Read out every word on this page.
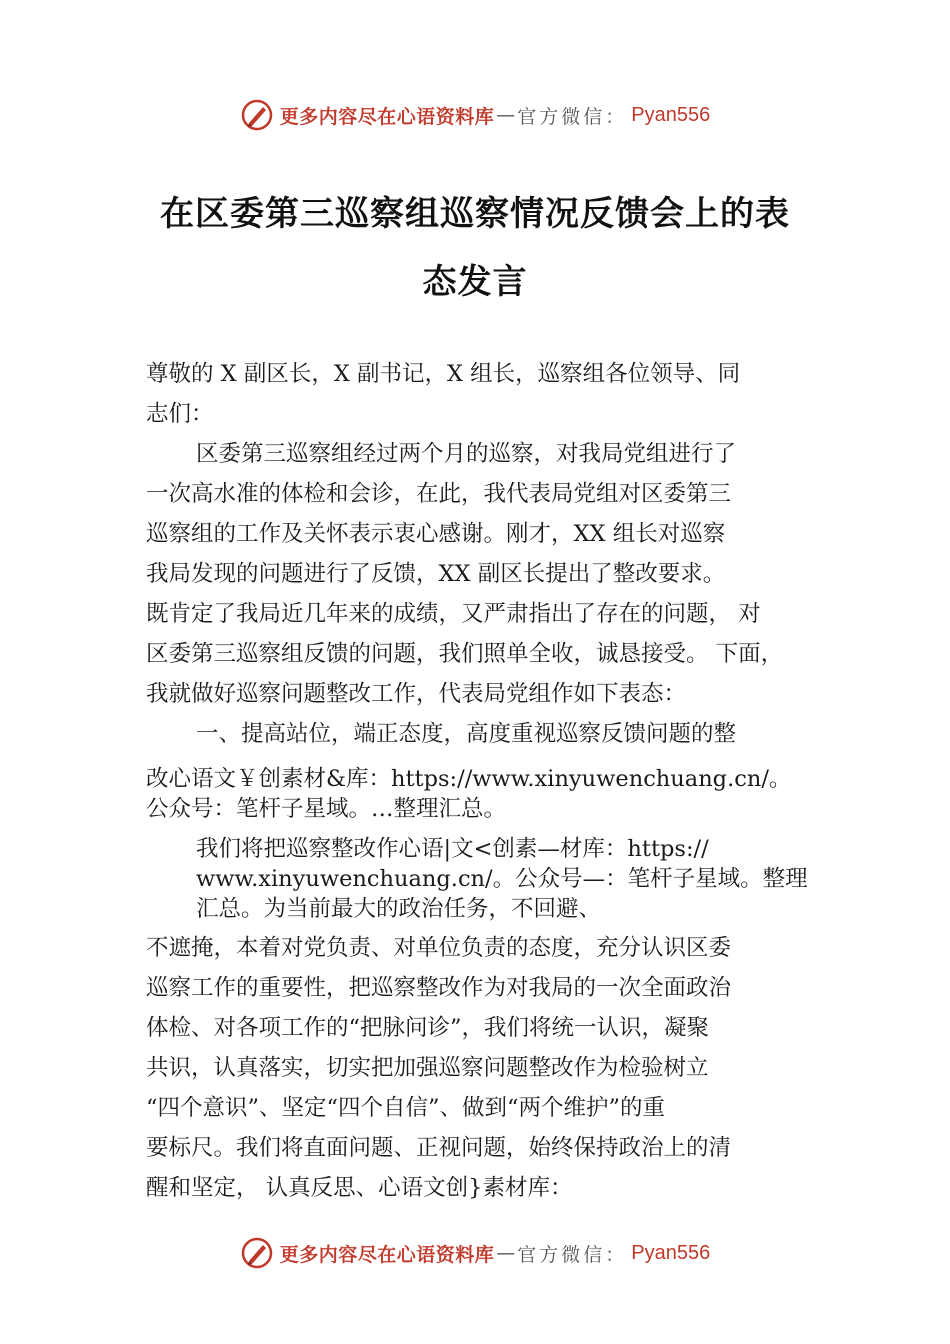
更多内容尽在心语资料库 — 官方微信： Pyan556
在区委第三巡察组巡察情况反馈会上的表
态发言
尊敬的 X 副区长，X 副书记，X 组长，巡察组各位领导、同
志们：
区委第三巡察组经过两个月的巡察，对我局党组进行了
一次高水准的体检和会诊，在此，我代表局党组对区委第三
巡察组的工作及关怀表示衷心感谢。刚才，XX 组长对巡察
我局发现的问题进行了反馈，XX 副区长提出了整改要求。
既肯定了我局近几年来的成绩，又严肃指出了存在的问题， 对
区委第三巡察组反馈的问题，我们照单全收，诚恳接受。 下面，
我就做好巡察问题整改工作，代表局党组作如下表态：
一、提高站位，端正态度，高度重视巡察反馈问题的整
改心语文￥创素材&库：https://www.xinyuwenchuang.cn/。
公众号：笔杆子星域。…整理汇总。
我们将把巡察整改作心语|文<创素—材库：https://
www.xinyuwenchuang.cn/。公众号—：笔杆子星域。整理
汇总。为当前最大的政治任务，不回避、
不遮掩，本着对党负责、对单位负责的态度，充分认识区委
巡察工作的重要性，把巡察整改作为对我局的一次全面政治
体检、对各项工作的“把脉问诊”，我们将统一认识，凝聚
共识，认真落实，切实把加强巡察问题整改作为检验树立
“四个意识”、坚定“四个自信”、做到“两个维护”的重
要标尺。我们将直面问题、正视问题，始终保持政治上的清
醒和坚定， 认真反思、心语文创}素材库：
更多内容尽在心语资料库 — 官方微信： Pyan556
